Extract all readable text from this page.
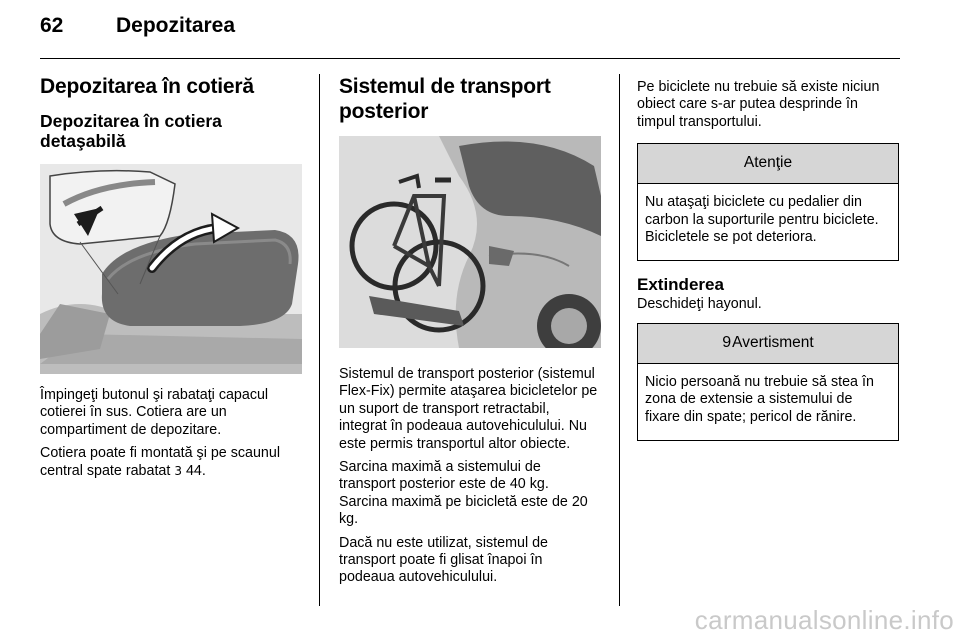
62	Depozitarea
Depozitarea în cotieră
Depozitarea în cotiera detaşabilă

Împingeţi butonul şi rabataţi capacul cotierei în sus. Cotiera are un compartiment de depozitare.

Cotiera poate fi montată şi pe scaunul central spate rabatat 3 44.

Sistemul de transport posterior

Sistemul de transport posterior (sistemul Flex-Fix) permite ataşarea bicicletelor pe un suport de transport retractabil, integrat în podeaua autovehiculului. Nu este permis transportul altor obiecte.

Sarcina maximă a sistemului de transport posterior este de 40 kg. Sarcina maximă pe bicicletă este de 20 kg.

Dacă nu este utilizat, sistemul de transport poate fi glisat înapoi în podeaua autovehiculului.

Pe biciclete nu trebuie să existe niciun obiect care s-ar putea desprinde în timpul transportului.

Atenţie
Nu ataşaţi biciclete cu pedalier din carbon la suporturile pentru biciclete. Bicicletele se pot deteriora.
Extinderea

Deschideţi hayonul.

9Avertisment
Nicio persoană nu trebuie să stea în zona de extensie a sistemului de fixare din spate; pericol de rănire.
carmanualsonline.info
